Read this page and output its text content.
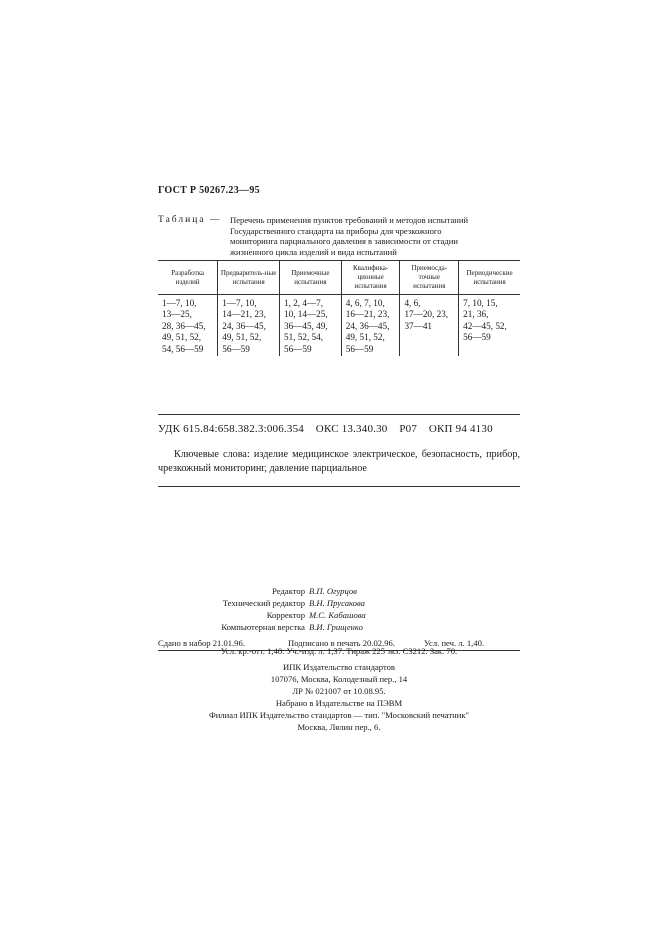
ГОСТ Р 50267.23—95
Таблица — Перечень применения пунктов требований и методов испытаний
Государственного стандарта на приборы для чрезкожного
мониторинга парциального давления в зависимости от стадии
жизненного цикла изделий и вида испытаний
Разработка изделий	Предваритель-ные испытания	Приемочные испытания	Квалифика-ционные испытания	Приемосда-точные испытания	Периодические испытания

1—7, 10,
13—25,
28, 36—45,
49, 51, 52,
54, 56—59	1—7, 10,
14—21, 23,
24, 36—45,
49, 51, 52,
56—59	1, 2, 4—7,
10, 14—25,
36—45, 49,
51, 52, 54,
56—59	4, 6, 7, 10,
16—21, 23,
24, 36—45,
49, 51, 52,
56—59	4, 6,
17—20, 23,
37—41	7, 10, 15,
21, 36,
42—45, 52,
56—59
УДК 615.84:658.382.3:006.354 ОКС 13.340.30 Р07 ОКП 94 4130
Ключевые слова: изделие медицинское электрическое, безопасность, прибор, чрезкожный мониторинг, давление парциальное
Редактор В.П. Огурцов
Технический редактор В.Н. Прусакова
Корректор М.С. Кабашова
Компьютерная верстка В.И. Грищенко
Сдано в набор 21.01.96.	Подписано в печать 20.02.96.	Усл. печ. л. 1,40.
Усл. кр.-отт. 1,40. Уч.-изд. л. 1,37. Тираж 225 экз. С3212. Зак. 70.
ИПК Издательство стандартов
107076, Москва, Колодезный пер., 14
ЛР № 021007 от 10.08.95.
Набрано в Издательстве на ПЭВМ
Филиал ИПК Издательство стандартов — тип. "Московский печатник"
Москва, Лялин пер., 6.
